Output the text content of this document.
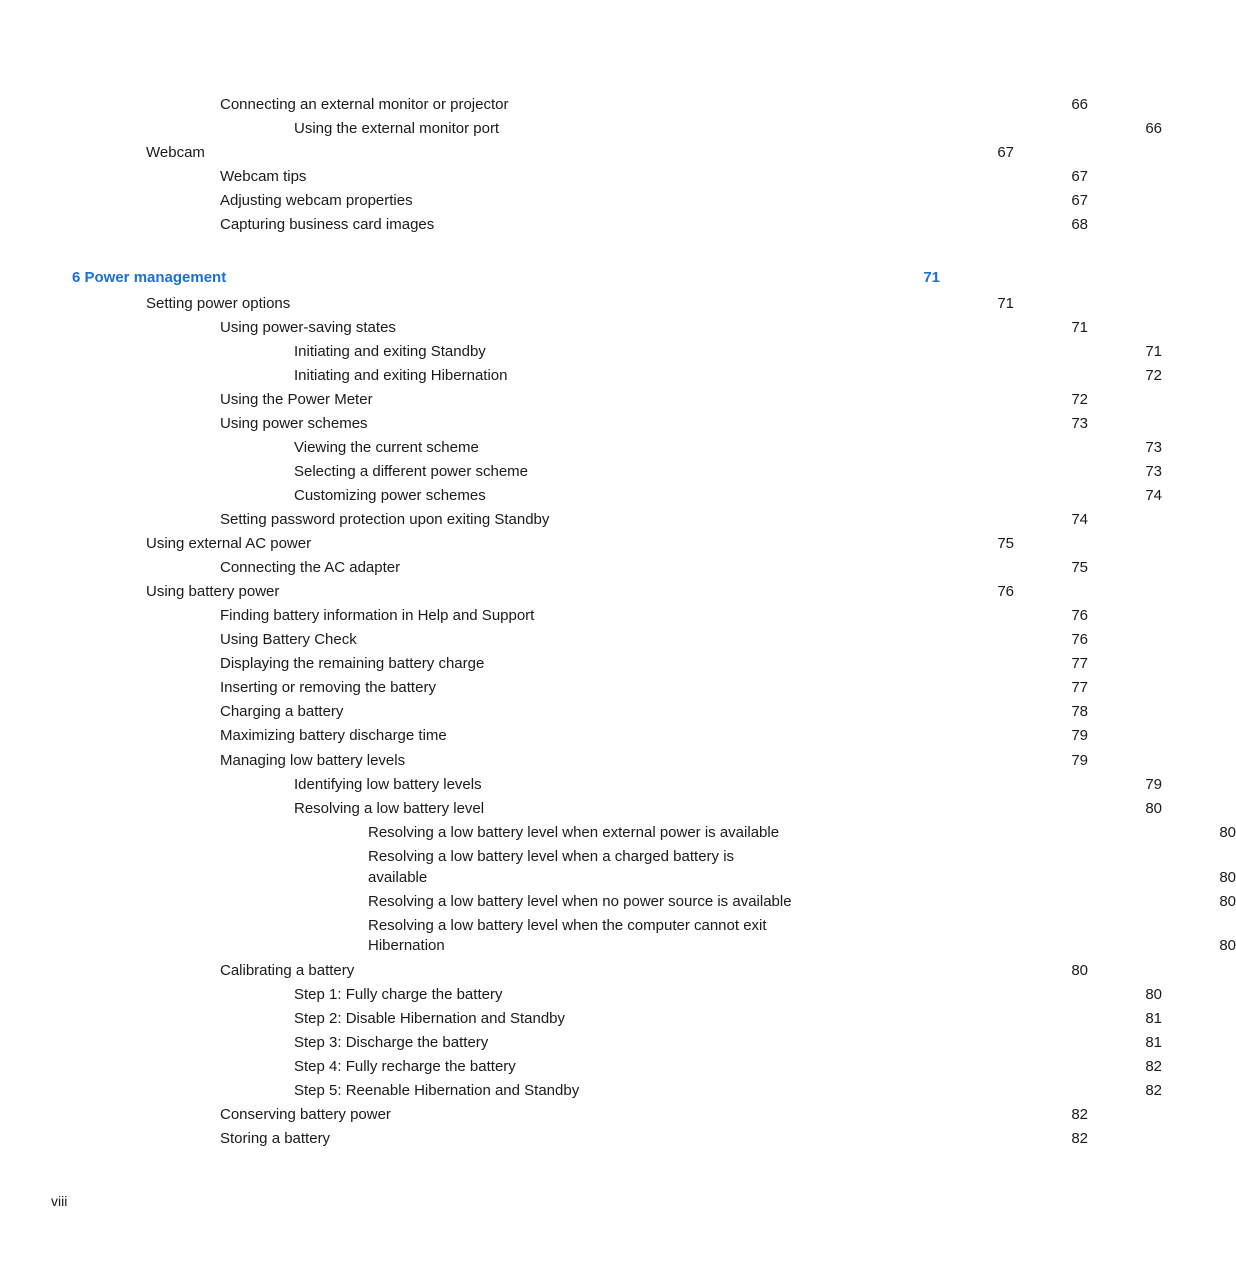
Connecting an external monitor or projector	66
Using the external monitor port	66
Webcam	67
Webcam tips	67
Adjusting webcam properties	67
Capturing business card images	68
6 Power management	71
Setting power options	71
Using power-saving states	71
Initiating and exiting Standby	71
Initiating and exiting Hibernation	72
Using the Power Meter	72
Using power schemes	73
Viewing the current scheme	73
Selecting a different power scheme	73
Customizing power schemes	74
Setting password protection upon exiting Standby	74
Using external AC power	75
Connecting the AC adapter	75
Using battery power	76
Finding battery information in Help and Support	76
Using Battery Check	76
Displaying the remaining battery charge	77
Inserting or removing the battery	77
Charging a battery	78
Maximizing battery discharge time	79
Managing low battery levels	79
Identifying low battery levels	79
Resolving a low battery level	80
Resolving a low battery level when external power is available	80
Resolving a low battery level when a charged battery is
available	80
Resolving a low battery level when no power source is available	80
Resolving a low battery level when the computer cannot exit
Hibernation	80
Calibrating a battery	80
Step 1: Fully charge the battery	80
Step 2: Disable Hibernation and Standby	81
Step 3: Discharge the battery	81
Step 4: Fully recharge the battery	82
Step 5: Reenable Hibernation and Standby	82
Conserving battery power	82
Storing a battery	82
viii
